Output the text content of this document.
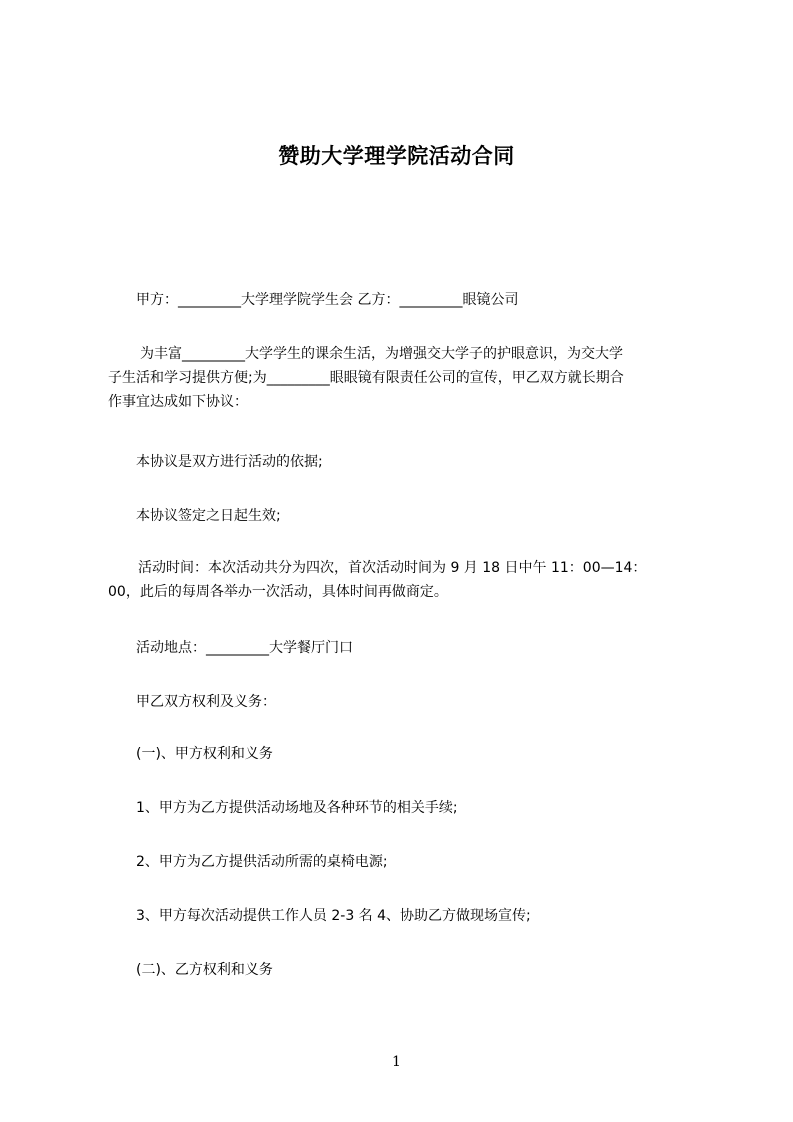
赞助大学理学院活动合同
甲方：_________大学理学院学生会 乙方：_________眼镜公司
为丰富_________大学学生的课余生活，为增强交大学子的护眼意识，为交大学
子生活和学习提供方便;为_________眼眼镜有限责任公司的宣传，甲乙双方就长期合
作事宜达成如下协议：
本协议是双方进行活动的依据;
本协议签定之日起生效;
活动时间：本次活动共分为四次，首次活动时间为 9 月 18 日中午 11：00—14：
00，此后的每周各举办一次活动，具体时间再做商定。
活动地点：_________大学餐厅门口
甲乙双方权利及义务：
(一)、甲方权利和义务
1、甲方为乙方提供活动场地及各种环节的相关手续;
2、甲方为乙方提供活动所需的桌椅电源;
3、甲方每次活动提供工作人员 2-3 名 4、协助乙方做现场宣传;
(二)、乙方权利和义务
1
